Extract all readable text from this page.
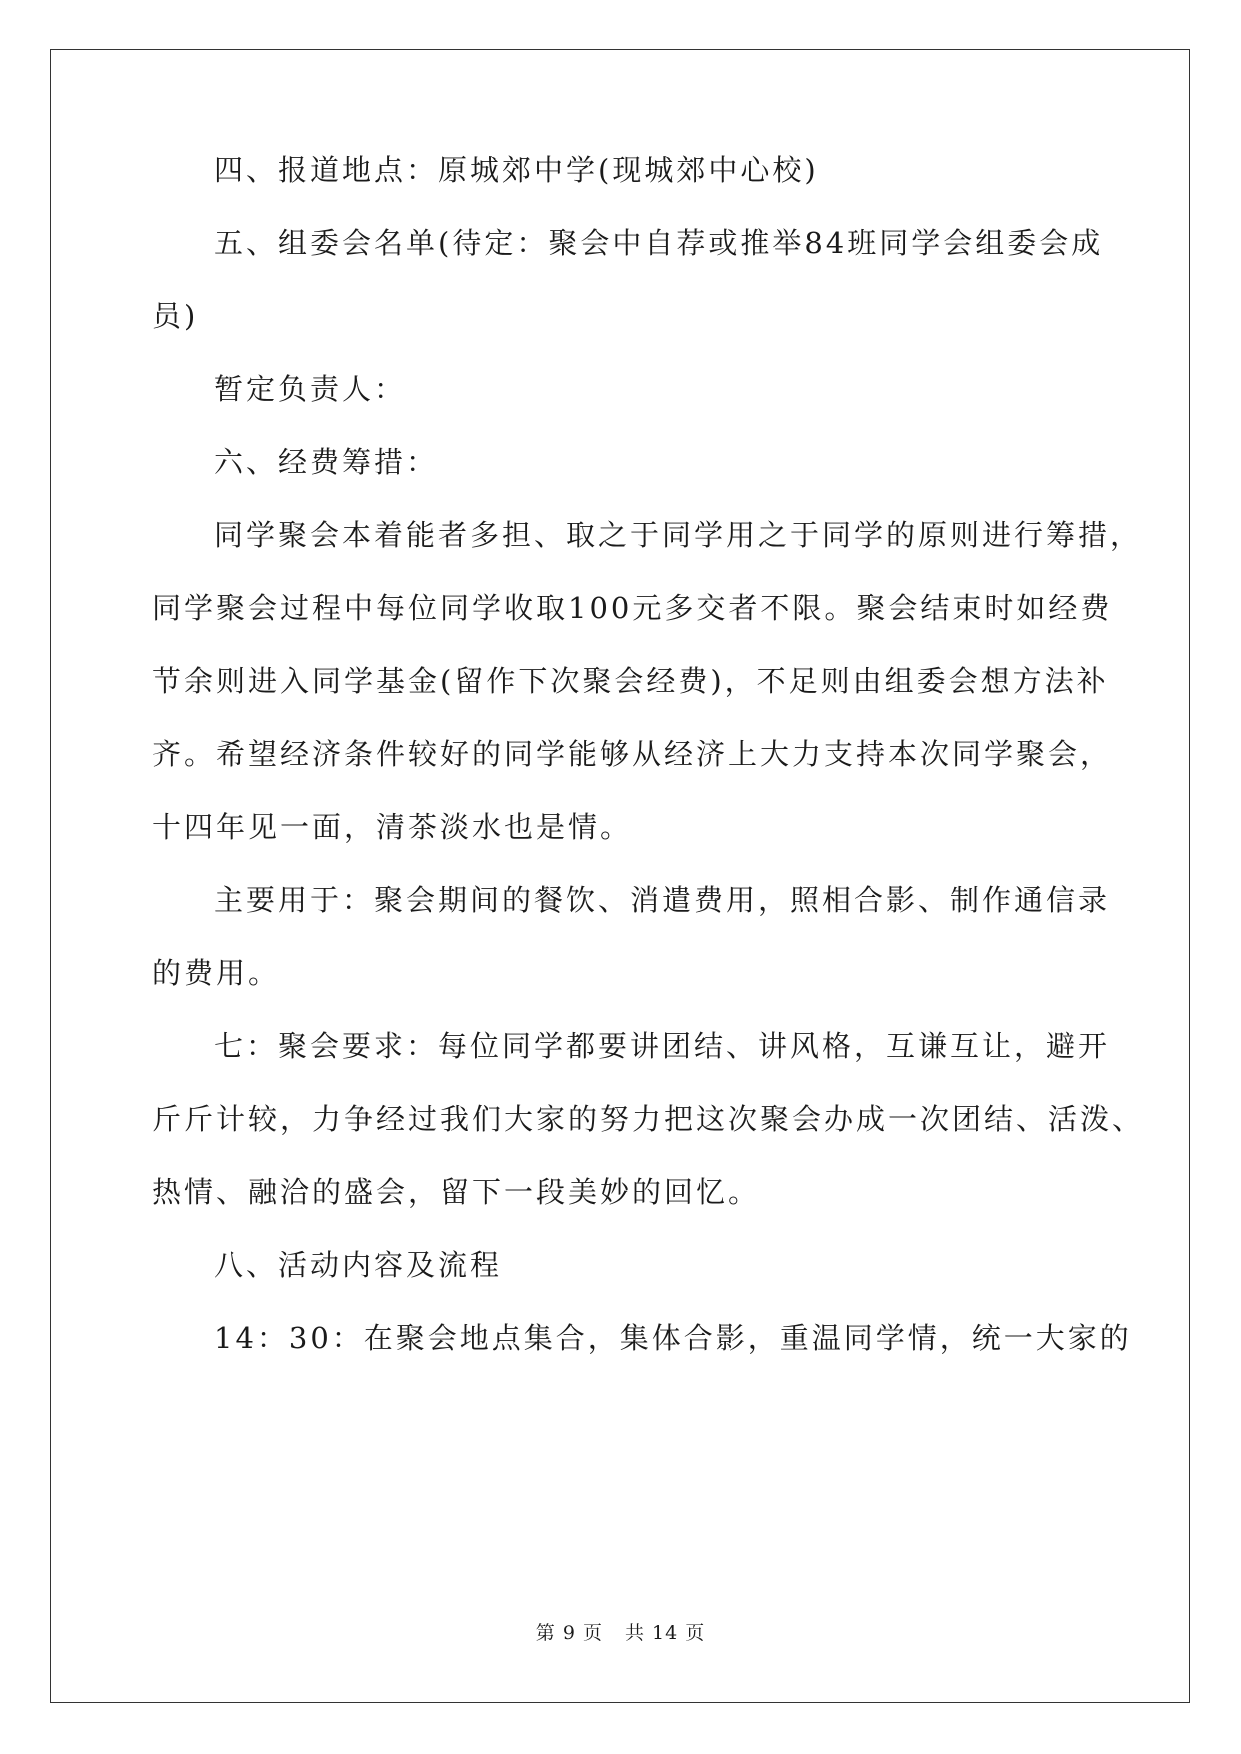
四、报道地点：原城郊中学(现城郊中心校)
五、组委会名单(待定：聚会中自荐或推举84班同学会组委会成
员)
暂定负责人：
六、经费筹措：
同学聚会本着能者多担、取之于同学用之于同学的原则进行筹措，
同学聚会过程中每位同学收取100元多交者不限。聚会结束时如经费
节余则进入同学基金(留作下次聚会经费)，不足则由组委会想方法补
齐。希望经济条件较好的同学能够从经济上大力支持本次同学聚会，
十四年见一面，清茶淡水也是情。
主要用于：聚会期间的餐饮、消遣费用，照相合影、制作通信录
的费用。
七：聚会要求：每位同学都要讲团结、讲风格，互谦互让，避开
斤斤计较，力争经过我们大家的努力把这次聚会办成一次团结、活泼、
热情、融洽的盛会，留下一段美妙的回忆。
八、活动内容及流程
14：30：在聚会地点集合，集体合影，重温同学情，统一大家的
第 9 页 共 14 页
